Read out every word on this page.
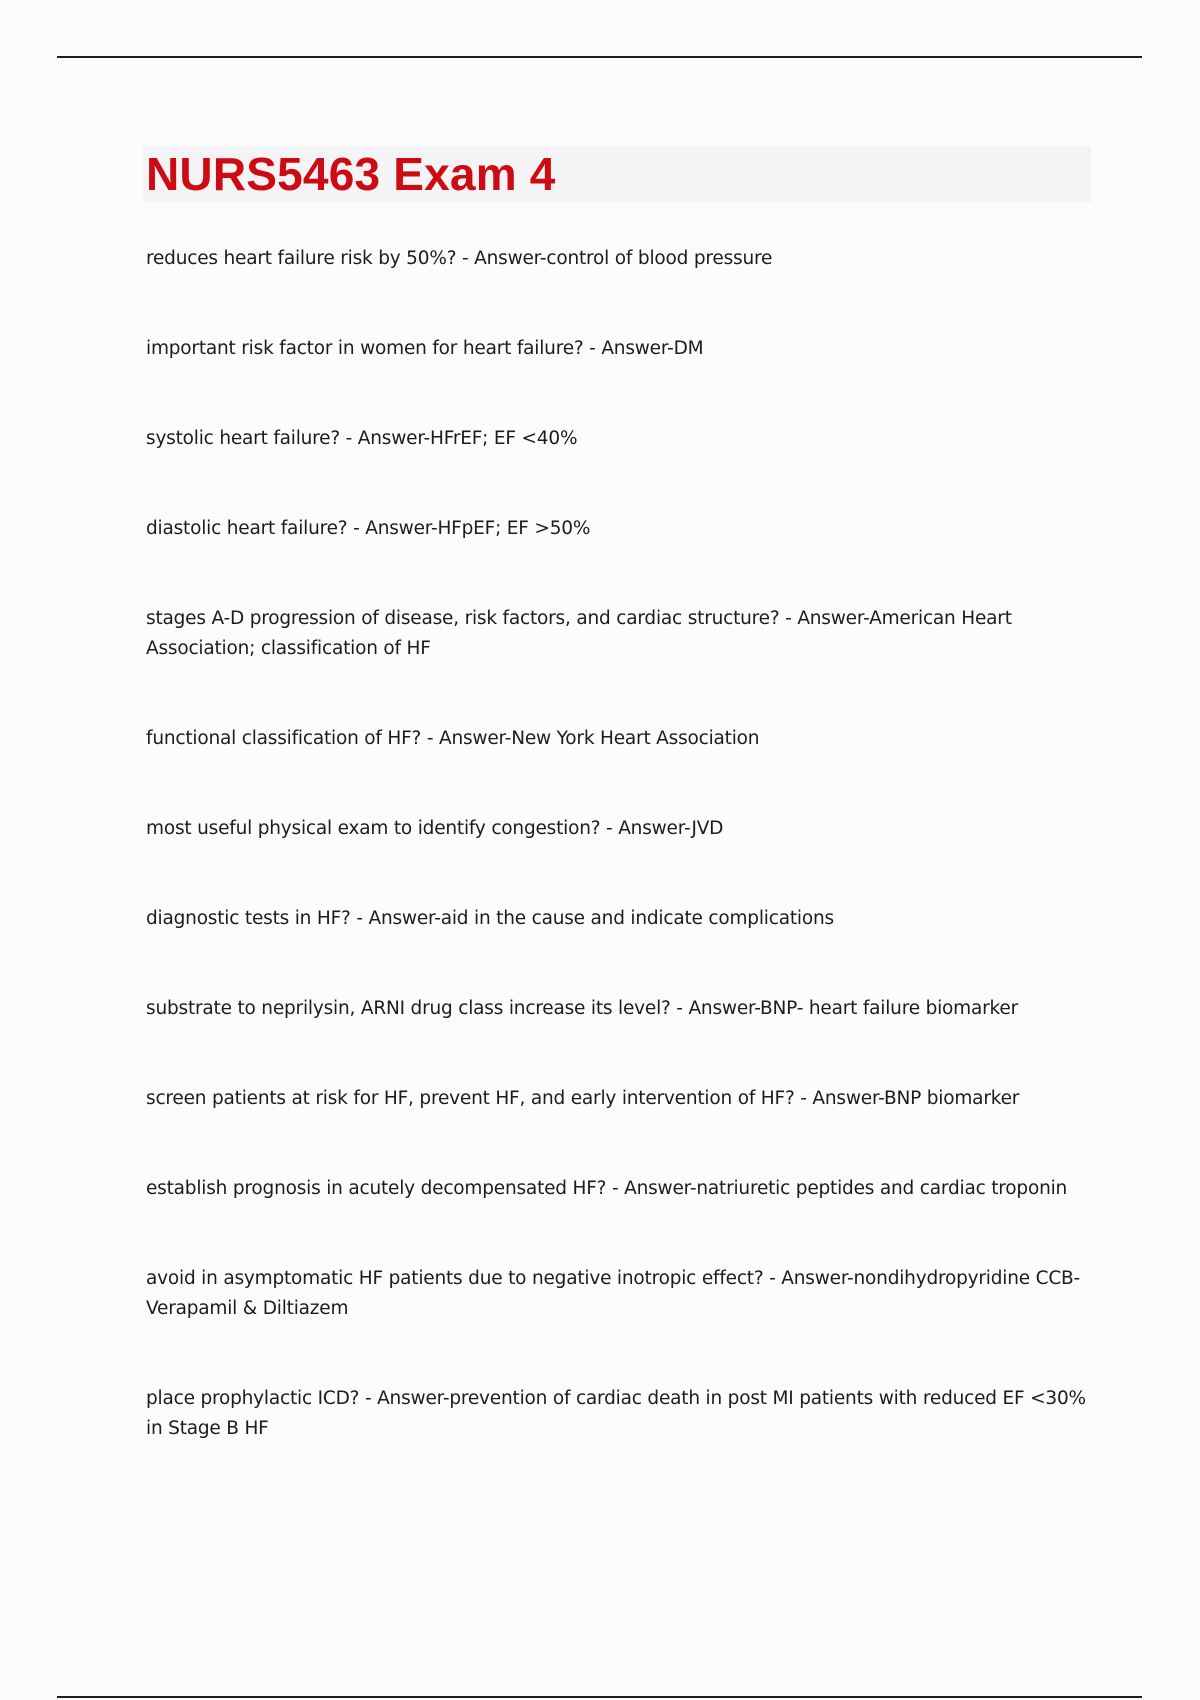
NURS5463 Exam 4
reduces heart failure risk by 50%? - Answer-control of blood pressure
important risk factor in women for heart failure? - Answer-DM
systolic heart failure? - Answer-HFrEF; EF <40%
diastolic heart failure? - Answer-HFpEF; EF >50%
stages A-D progression of disease, risk factors, and cardiac structure? - Answer-American Heart Association; classification of HF
functional classification of HF? - Answer-New York Heart Association
most useful physical exam to identify congestion? - Answer-JVD
diagnostic tests in HF? - Answer-aid in the cause and indicate complications
substrate to neprilysin, ARNI drug class increase its level? - Answer-BNP- heart failure biomarker
screen patients at risk for HF, prevent HF, and early intervention of HF? - Answer-BNP biomarker
establish prognosis in acutely decompensated HF? - Answer-natriuretic peptides and cardiac troponin
avoid in asymptomatic HF patients due to negative inotropic effect? - Answer-nondihydropyridine CCB- Verapamil & Diltiazem
place prophylactic ICD? - Answer-prevention of cardiac death in post MI patients with reduced EF <30% in Stage B HF
